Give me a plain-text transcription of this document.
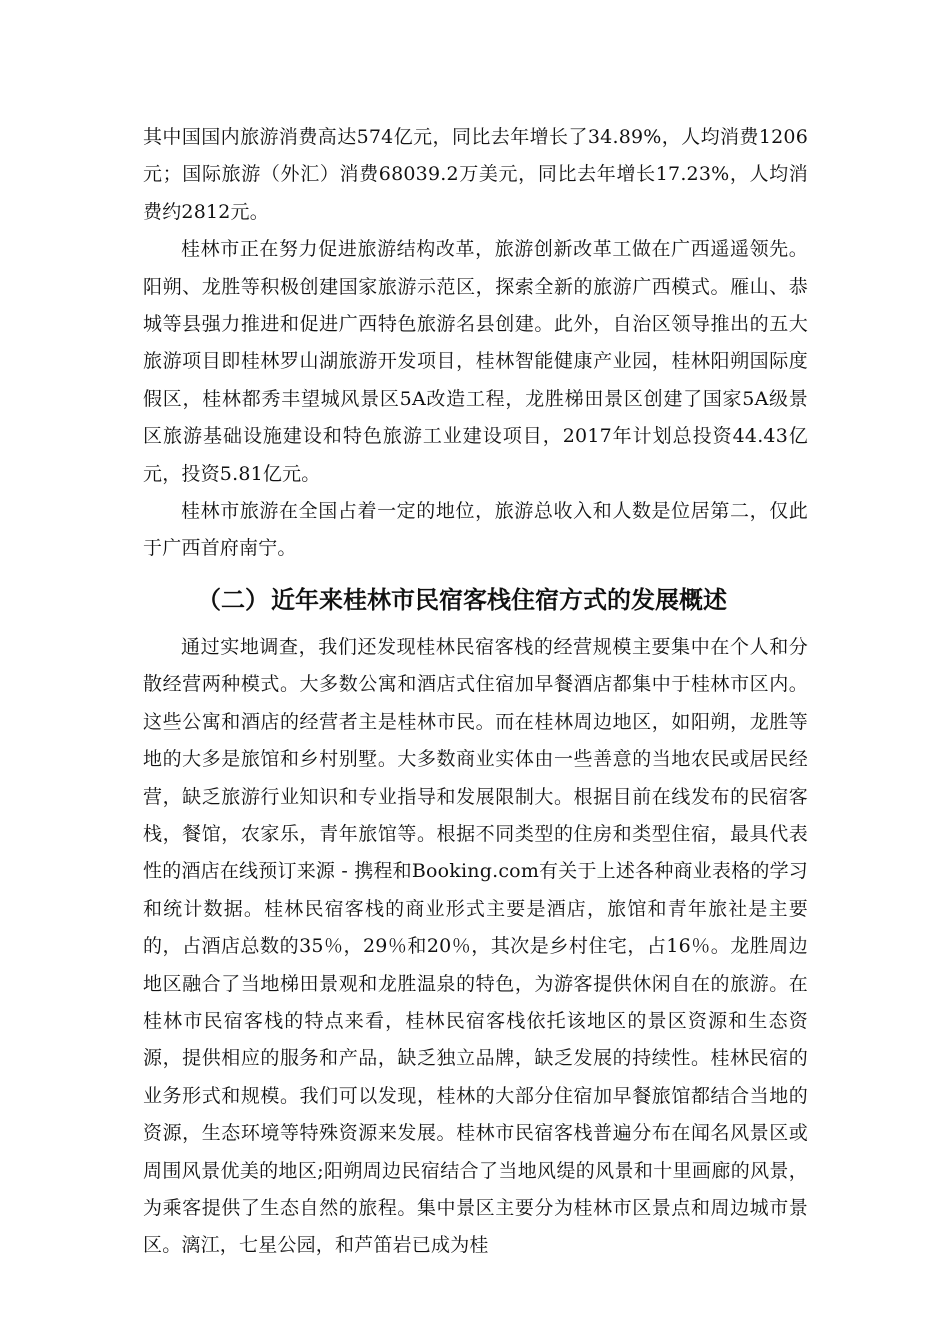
其中国国内旅游消费高达574亿元，同比去年增长了34.89%，人均消费1206元；国际旅游（外汇）消费68039.2万美元，同比去年增长17.23%，人均消费约2812元。

桂林市正在努力促进旅游结构改革，旅游创新改革工做在广西遥遥领先。阳朔、龙胜等积极创建国家旅游示范区，探索全新的旅游广西模式。雁山、恭城等县强力推进和促进广西特色旅游名县创建。此外，自治区领导推出的五大旅游项目即桂林罗山湖旅游开发项目，桂林智能健康产业园，桂林阳朔国际度假区，桂林都秀丰望城风景区5A改造工程，龙胜梯田景区创建了国家5A级景区旅游基础设施建设和特色旅游工业建设项目，2017年计划总投资44.43亿元，投资5.81亿元。

桂林市旅游在全国占着一定的地位，旅游总收入和人数是位居第二，仅此于广西首府南宁。

（二）近年来桂林市民宿客栈住宿方式的发展概述

通过实地调查，我们还发现桂林民宿客栈的经营规模主要集中在个人和分散经营两种模式。大多数公寓和酒店式住宿加早餐酒店都集中于桂林市区内。这些公寓和酒店的经营者主是桂林市民。而在桂林周边地区，如阳朔，龙胜等地的大多是旅馆和乡村别墅。大多数商业实体由一些善意的当地农民或居民经营，缺乏旅游行业知识和专业指导和发展限制大。根据目前在线发布的民宿客栈，餐馆，农家乐，青年旅馆等。根据不同类型的住房和类型住宿，最具代表性的酒店在线预订来源 - 携程和Booking.com有关于上述各种商业表格的学习和统计数据。桂林民宿客栈的商业形式主要是酒店，旅馆和青年旅社是主要的，占酒店总数的35％，29％和20％，其次是乡村住宅，占16％。龙胜周边地区融合了当地梯田景观和龙胜温泉的特色，为游客提供休闲自在的旅游。在桂林市民宿客栈的特点来看，桂林民宿客栈依托该地区的景区资源和生态资源，提供相应的服务和产品，缺乏独立品牌，缺乏发展的持续性。桂林民宿的业务形式和规模。我们可以发现，桂林的大部分住宿加早餐旅馆都结合当地的资源，生态环境等特殊资源来发展。桂林市民宿客栈普遍分布在闻名风景区或周围风景优美的地区;阳朔周边民宿结合了当地风缇的风景和十里画廊的风景，为乘客提供了生态自然的旅程。集中景区主要分为桂林市区景点和周边城市景区。漓江，七星公园，和芦笛岩已成为桂
